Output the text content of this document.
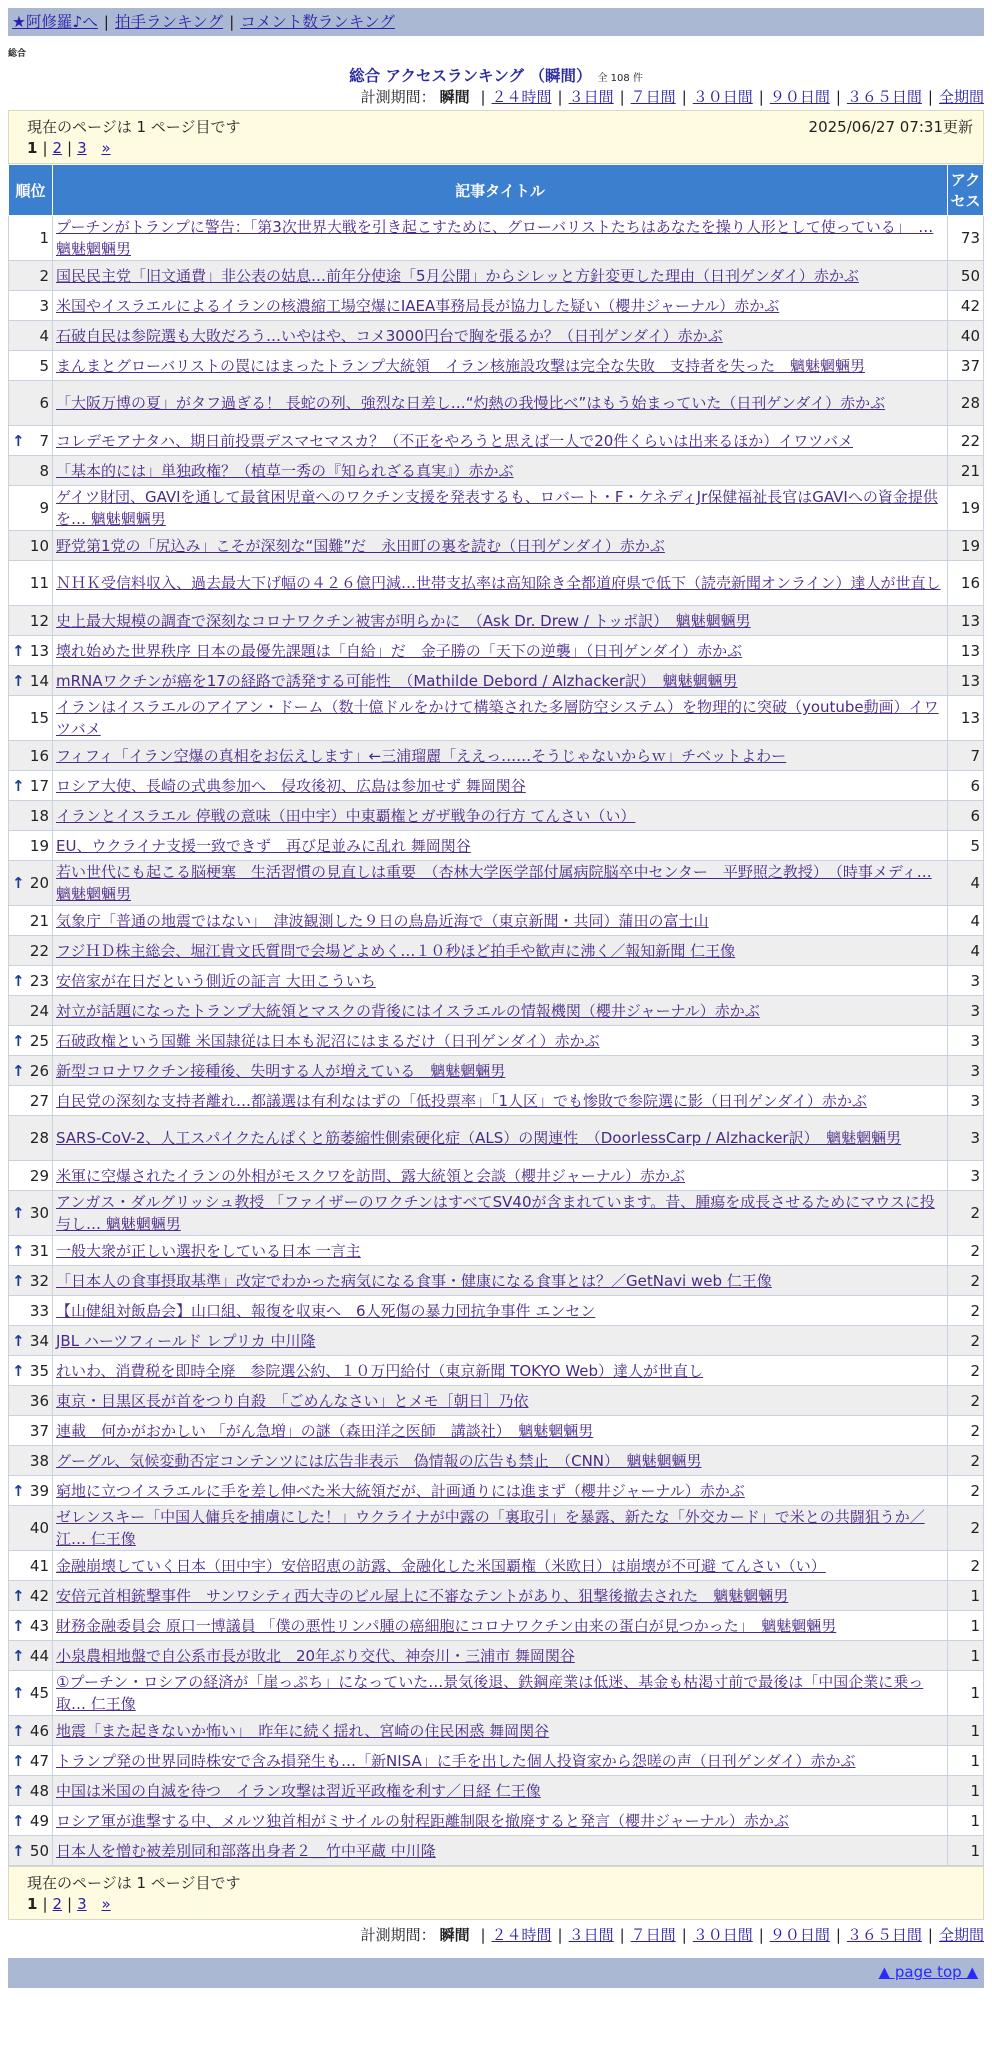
★阿修羅♪へ | 拍手ランキング | コメント数ランキング
総合
総合 アクセスランキング （瞬間） 全 108 件
計測期間： 瞬間 | ２４時間 | ３日間 | ７日間 | ３０日間 | ９０日間 | ３６５日間 | 全期間
現在のページは 1 ページ目です	2025/06/27 07:31更新
1 | 2 | 3 »
順位	記事タイトル	アクセス
1	プーチンがトランプに警告：「第3次世界大戦を引き起こすために、グローバリストたちはあなたを操り人形として使っている」　… 魑魅魍魎男	73
2	国民民主党「旧文通費」非公表の姑息…前年分使途「5月公開」からシレッと方針変更した理由（日刊ゲンダイ）赤かぶ	50
3	米国やイスラエルによるイランの核濃縮工場空爆にIAEA事務局長が協力した疑い（櫻井ジャーナル）赤かぶ	42
4	石破自民は参院選も大敗だろう…いやはや、コメ3000円台で胸を張るか？（日刊ゲンダイ）赤かぶ	40
5	まんまとグローバリストの罠にはまったトランプ大統領　イラン核施設攻撃は完全な失敗　支持者を失った　魑魅魍魎男	37
6	「大阪万博の夏」がタフ過ぎる！ 長蛇の列、強烈な日差し…“灼熱の我慢比べ”はもう始まっていた（日刊ゲンダイ）赤かぶ	28

↑ 7	コレデモアナタハ、期日前投票デスマセマスカ？（不正をやろうと思えば一人で20件くらいは出来るほか）イワツバメ	22
8	「基本的には」単独政権？（植草一秀の『知られざる真実』）赤かぶ	21
9	ゲイツ財団、GAVIを通して最貧困児童へのワクチン支援を発表するも、ロバート・F・ケネディJr保健福祉長官はGAVIへの資金提供を… 魑魅魍魎男	19
10	野党第1党の「尻込み」こそが深刻な“国難”だ　永田町の裏を読む（日刊ゲンダイ）赤かぶ	19
11	ＮＨＫ受信料収入、過去最大下げ幅の４２６億円減…世帯支払率は高知除き全都道府県で低下（読売新聞オンライン）達人が世直し	16
12	史上最大規模の調査で深刻なコロナワクチン被害が明らかに　（Ask Dr. Drew / トッポ訳）　魑魅魍魎男	13

↑ 13	壊れ始めた世界秩序 日本の最優先課題は「自給」だ　金子勝の「天下の逆襲」（日刊ゲンダイ）赤かぶ	13

↑ 14	mRNAワクチンが癌を17の経路で誘発する可能性　（Mathilde Debord / Alzhacker訳）　魑魅魍魎男	13
15	イランはイスラエルのアイアン・ドーム（数十億ドルをかけて構築された多層防空システム）を物理的に突破（youtube動画）イワツバメ	13
16	フィフィ「イラン空爆の真相をお伝えします」←三浦瑠麗「ええっ……そうじゃないからｗ」チベットよわー	7

↑ 17	ロシア大使、長崎の式典参加へ　侵攻後初、広島は参加せず 舞岡関谷	6
18	イランとイスラエル 停戦の意味（田中宇）中東覇権とガザ戦争の行方 てんさい（い）	6
19	EU、ウクライナ支援一致できず　再び足並みに乱れ 舞岡関谷	5

↑ 20	若い世代にも起こる脳梗塞　生活習慣の見直しは重要　（杏林大学医学部付属病院脳卒中センター　平野照之教授）　（時事メディ… 魑魅魍魎男	4
21	気象庁「普通の地震ではない」　津波観測した９日の鳥島近海で（東京新聞・共同）蒲田の富士山	4
22	フジＨＤ株主総会、堀江貴文氏質問で会場どよめく…１０秒ほど拍手や歓声に沸く／報知新聞 仁王像	4

↑ 23	安倍家が在日だという側近の証言 大田こういち	3
24	対立が話題になったトランプ大統領とマスクの背後にはイスラエルの情報機関（櫻井ジャーナル）赤かぶ	3

↑ 25	石破政権という国難 米国隷従は日本も泥沼にはまるだけ（日刊ゲンダイ）赤かぶ	3

↑ 26	新型コロナワクチン接種後、失明する人が増えている　魑魅魍魎男	3
27	自民党の深刻な支持者離れ…都議選は有利なはずの「低投票率」「1人区」でも惨敗で参院選に影（日刊ゲンダイ）赤かぶ	3
28	SARS-CoV-2、人工スパイクたんぱくと筋萎縮性側索硬化症（ALS）の関連性　（DoorlessCarp / Alzhacker訳）　魑魅魍魎男	3
29	米軍に空爆されたイランの外相がモスクワを訪問、露大統領と会談（櫻井ジャーナル）赤かぶ	3

↑ 30	アンガス・ダルグリッシュ教授 「ファイザーのワクチンはすべてSV40が含まれています。昔、腫瘍を成長させるためにマウスに投与し… 魑魅魍魎男	2

↑ 31	一般大衆が正しい選択をしている日本 一言主	2

↑ 32	「日本人の食事摂取基準」改定でわかった病気になる食事・健康になる食事とは？／GetNavi web 仁王像	2
33	【山健組対飯島会】山口組、報復を収束へ　6人死傷の暴力団抗争事件 エンセン	2

↑ 34	JBL ハーツフィールド レプリカ 中川隆	2

↑ 35	れいわ、消費税を即時全廃　参院選公約、１０万円給付（東京新聞 TOKYO Web）達人が世直し	2
36	東京・目黒区長が首をつり自殺　「ごめんなさい」とメモ［朝日］乃依	2
37	連載　何かがおかしい 「がん急増」の謎（森田洋之医師　講談社）　魑魅魍魎男	2
38	グーグル、気候変動否定コンテンツには広告非表示　偽情報の広告も禁止　（CNN）　魑魅魍魎男	2

↑ 39	窮地に立つイスラエルに手を差し伸べた米大統領だが、計画通りには進まず（櫻井ジャーナル）赤かぶ	2
40	ゼレンスキー「中国人傭兵を捕虜にした！」ウクライナが中露の「裏取引」を暴露、新たな「外交カード」で米との共闘狙うか／江… 仁王像	2
41	金融崩壊していく日本（田中宇）安倍昭恵の訪露、金融化した米国覇権（米欧日）は崩壊が不可避 てんさい（い）	2

↑ 42	安倍元首相銃撃事件　サンワシティ西大寺のビル屋上に不審なテントがあり、狙撃後撤去された　魑魅魍魎男	1

↑ 43	財務金融委員会 原口一博議員 「僕の悪性リンパ腫の癌細胞にコロナワクチン由来の蛋白が見つかった」　魑魅魍魎男	1

↑ 44	小泉農相地盤で自公系市長が敗北　20年ぶり交代、神奈川・三浦市 舞岡関谷	1

↑ 45	①プーチン・ロシアの経済が「崖っぷち」になっていた…景気後退、鉄鋼産業は低迷、基金も枯渇寸前で最後は「中国企業に乗っ取… 仁王像	1

↑ 46	地震「また起きないか怖い」　昨年に続く揺れ、宮崎の住民困惑 舞岡関谷	1

↑ 47	トランプ発の世界同時株安で含み損発生も…「新NISA」に手を出した個人投資家から怨嗟の声（日刊ゲンダイ）赤かぶ	1

↑ 48	中国は米国の自滅を待つ　イラン攻撃は習近平政権を利す／日経 仁王像	1

↑ 49	ロシア軍が進撃する中、メルツ独首相がミサイルの射程距離制限を撤廃すると発言（櫻井ジャーナル）赤かぶ	1

↑ 50	日本人を憎む被差別同和部落出身者２＿竹中平蔵 中川隆	1
現在のページは 1 ページ目です
1 | 2 | 3 »
計測期間： 瞬間 | ２４時間 | ３日間 | ７日間 | ３０日間 | ９０日間 | ３６５日間 | 全期間
▲ page top ▲
